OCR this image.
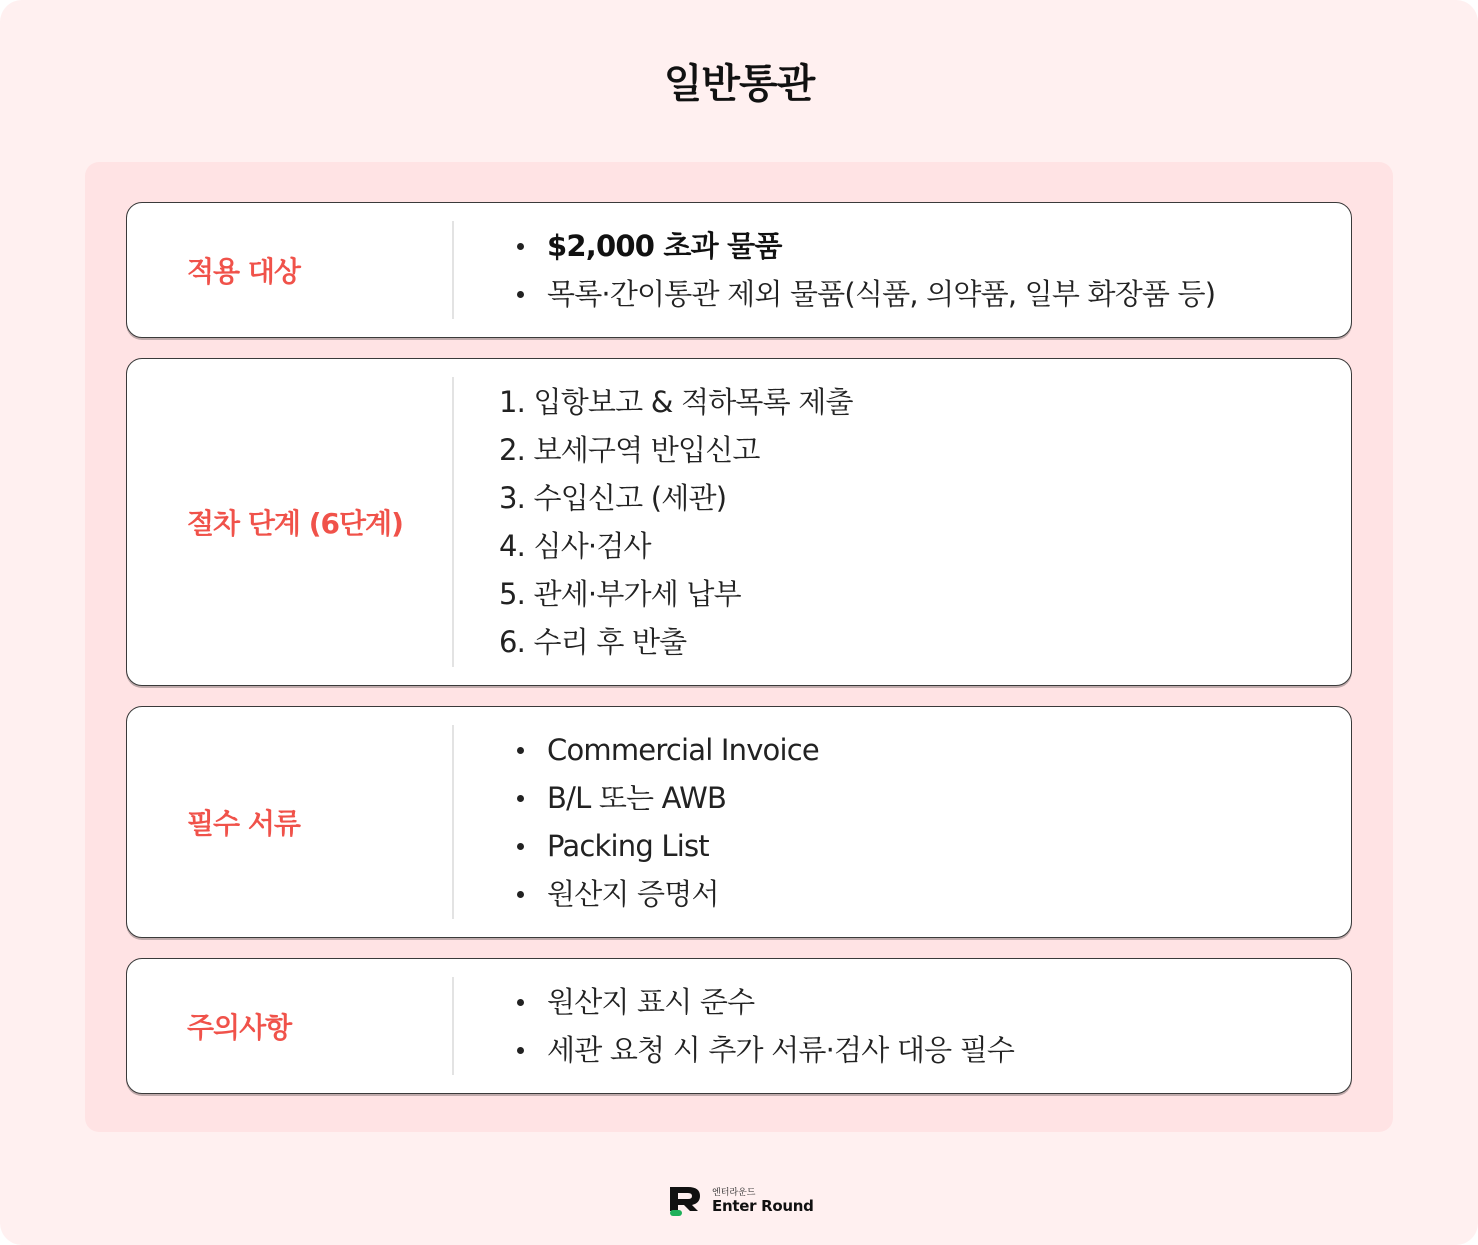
일반통관
적용 대상
$2,000 초과 물품
목록·간이통관 제외 물품(식품, 의약품, 일부 화장품 등)
절차 단계 (6단계)
1. 입항보고 & 적하목록 제출
2. 보세구역 반입신고
3. 수입신고 (세관)
4. 심사·검사
5. 관세·부가세 납부
6. 수리 후 반출
필수 서류
Commercial Invoice
B/L 또는 AWB
Packing List
원산지 증명서
주의사항
원산지 표시 준수
세관 요청 시 추가 서류·검사 대응 필수
엔터라운드
Enter Round
